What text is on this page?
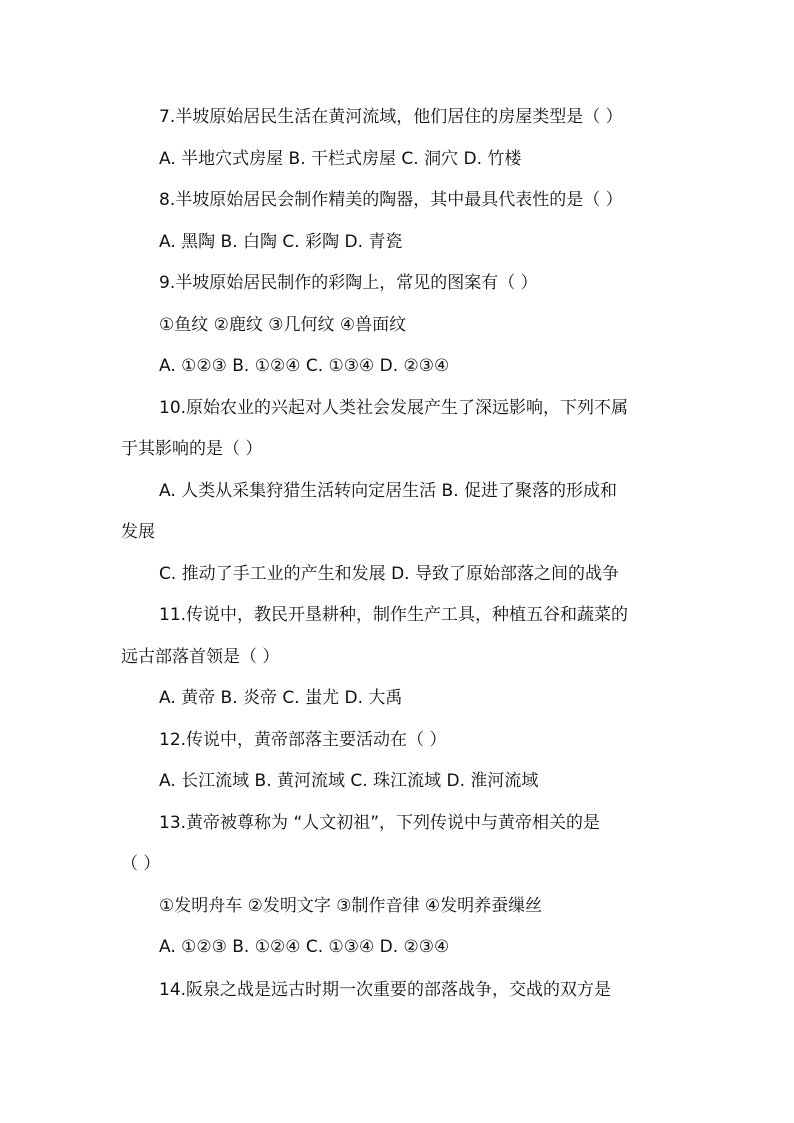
7.半坡原始居民生活在黄河流域，他们居住的房屋类型是（ ）
A. 半地穴式房屋 B. 干栏式房屋 C. 洞穴 D. 竹楼
8.半坡原始居民会制作精美的陶器，其中最具代表性的是（ ）
A. 黑陶 B. 白陶 C. 彩陶 D. 青瓷
9.半坡原始居民制作的彩陶上，常见的图案有（ ）
①鱼纹 ②鹿纹 ③几何纹 ④兽面纹
A. ①②③ B. ①②④ C. ①③④ D. ②③④
10.原始农业的兴起对人类社会发展产生了深远影响，下列不属
于其影响的是（ ）
A. 人类从采集狩猎生活转向定居生活 B. 促进了聚落的形成和
发展
C. 推动了手工业的产生和发展 D. 导致了原始部落之间的战争
11.传说中，教民开垦耕种，制作生产工具，种植五谷和蔬菜的
远古部落首领是（ ）
A. 黄帝 B. 炎帝 C. 蚩尤 D. 大禹
12.传说中，黄帝部落主要活动在（ ）
A. 长江流域 B. 黄河流域 C. 珠江流域 D. 淮河流域
13.黄帝被尊称为 “人文初祖”，下列传说中与黄帝相关的是
（ ）
①发明舟车 ②发明文字 ③制作音律 ④发明养蚕缫丝
A. ①②③ B. ①②④ C. ①③④ D. ②③④
14.阪泉之战是远古时期一次重要的部落战争，交战的双方是
